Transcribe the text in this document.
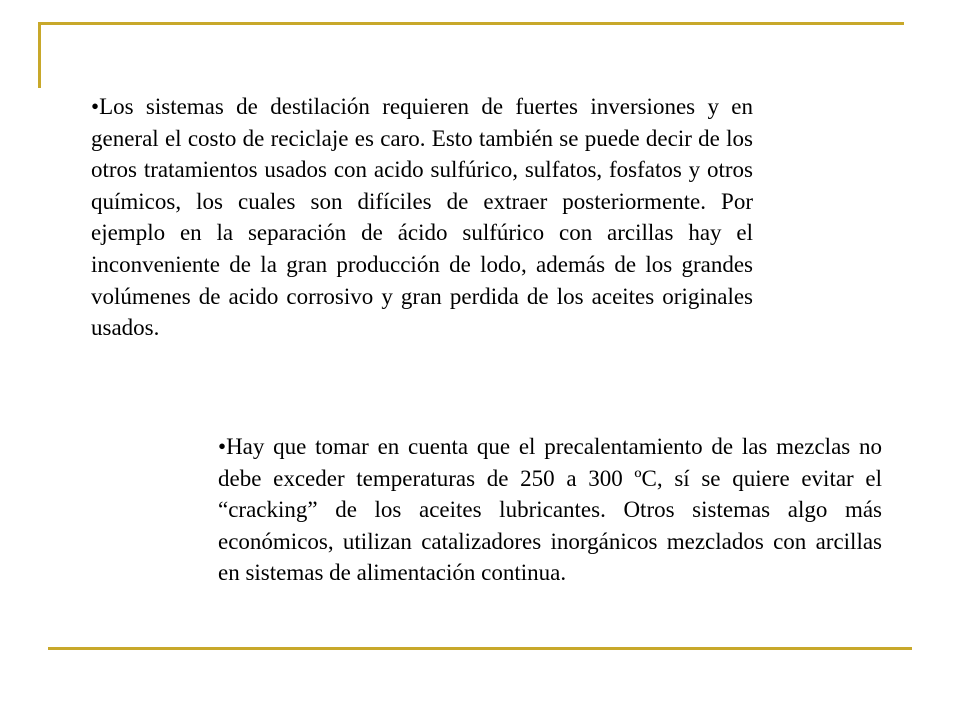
•Los sistemas de destilación requieren de fuertes inversiones y en general el costo de reciclaje es caro. Esto también se puede decir de los otros tratamientos usados con acido sulfúrico, sulfatos, fosfatos y otros químicos, los cuales son difíciles de extraer posteriormente. Por ejemplo en la separación de ácido sulfúrico con arcillas hay el inconveniente de la gran producción de lodo, además de los grandes volúmenes de acido corrosivo y gran perdida de los aceites originales usados.

•Hay que tomar en cuenta que el precalentamiento de las mezclas no debe exceder temperaturas de 250 a 300 ºC, sí se quiere evitar el “cracking” de los aceites lubricantes. Otros sistemas algo más económicos, utilizan catalizadores inorgánicos mezclados con arcillas en sistemas de alimentación continua.
